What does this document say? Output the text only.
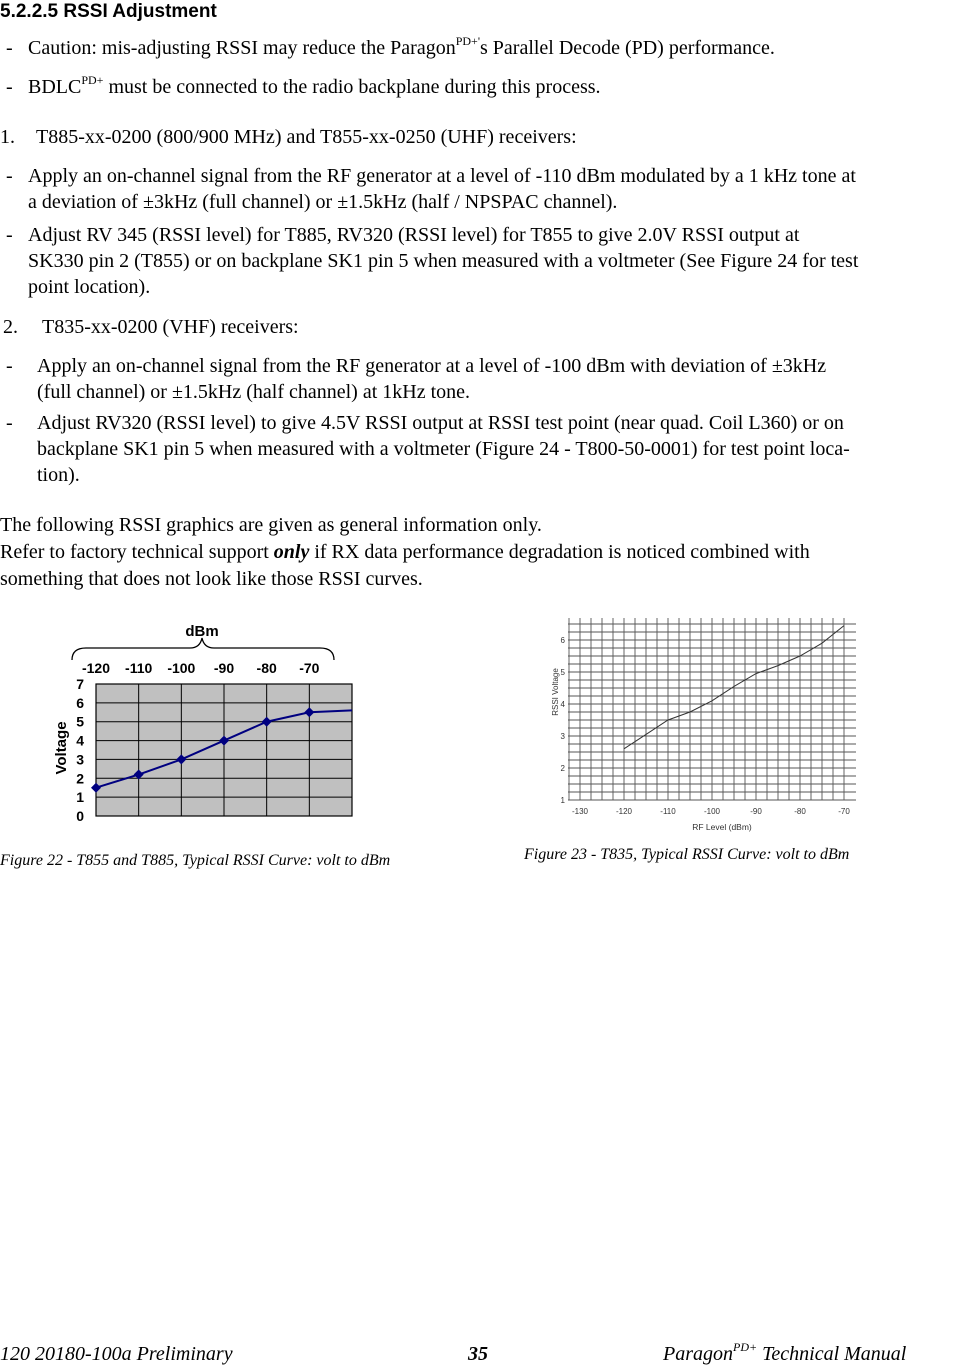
5.2.2.5 RSSI Adjustment
- Caution: mis-adjusting RSSI may reduce the Paragon$^{PD+'}$s Parallel Decode (PD) performance.
- $BDLC^{PD+}$ must be connected to the radio backplane during this process.
1. T885-xx-0200 (800/900 MHz) and T855-xx-0250 (UHF) receivers:
- Apply an on-channel signal from the RF generator at a level of -110 dBm modulated by a 1 kHz tone at
a deviation of ±3kHz (full channel) or ±1.5kHz (half / NPSPAC channel).
- Adjust RV 345 (RSSI level) for T885, RV320 (RSSI level) for T855 to give 2.0V RSSI output at
SK330 pin 2 (T855) or on backplane SK1 pin 5 when measured with a voltmeter (See Figure 24 for test
point location).
2. T835-xx-0200 (VHF) receivers:
- Apply an on-channel signal from the RF generator at a level of -100 dBm with deviation of ±3kHz
(full channel) or ±1.5kHz (half channel) at 1kHz tone.
- Adjust RV320 (RSSI level) to give 4.5V RSSI output at RSSI test point (near quad. Coil L360) or on
backplane SK1 pin 5 when measured with a voltmeter (Figure 24 - T800-50-0001) for test point loca-
tion).
The following RSSI graphics are given as general information only.
Refer to factory technical support only if RX data performance degradation is noticed combined with
something that does not look like those RSSI curves.
dBm
-120 -110 -100 -90 -80 -70
0
1
2
3
4
5
6
7
Voltage
RSSI Voltage
-130	-120	-110	-100	-90	-80	-70
1
2
3
4
5
6
RF Level (dBm)
Figure 22 - T855 and T885, Typical RSSI Curve: volt to dBm	Figure 23 - T835, Typical RSSI Curve: volt to dBm
120 20180-100a Preliminary	35	Paragon$^{PD+}$ Technical Manual
